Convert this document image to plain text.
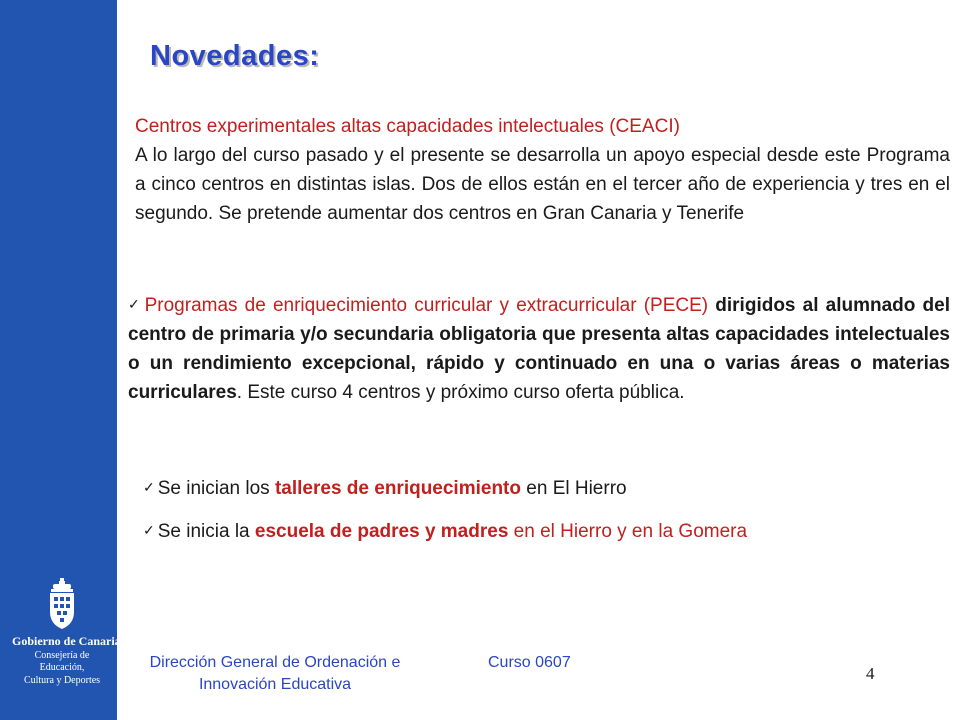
Gobierno de Canarias
Consejería de Educación,
Cultura y Deportes
Novedades:
Centros experimentales altas capacidades intelectuales (CEACI)
A lo largo del curso pasado y el presente se desarrolla un apoyo especial desde este Programa a cinco centros en distintas islas. Dos de ellos están en el tercer año de experiencia y tres en el segundo. Se pretende aumentar dos centros en Gran Canaria y Tenerife
✓ Programas de enriquecimiento curricular y extracurricular (PECE) dirigidos al alumnado del centro de primaria y/o secundaria obligatoria que presenta altas capacidades intelectuales o un rendimiento excepcional, rápido y continuado en una o varias áreas o materias curriculares. Este curso 4 centros y próximo curso oferta pública.
✓ Se inician los talleres de enriquecimiento en El Hierro
✓ Se inicia la escuela de padres y madres en el Hierro y en la Gomera
Dirección General de Ordenación e
Innovación Educativa
Curso 0607
4
